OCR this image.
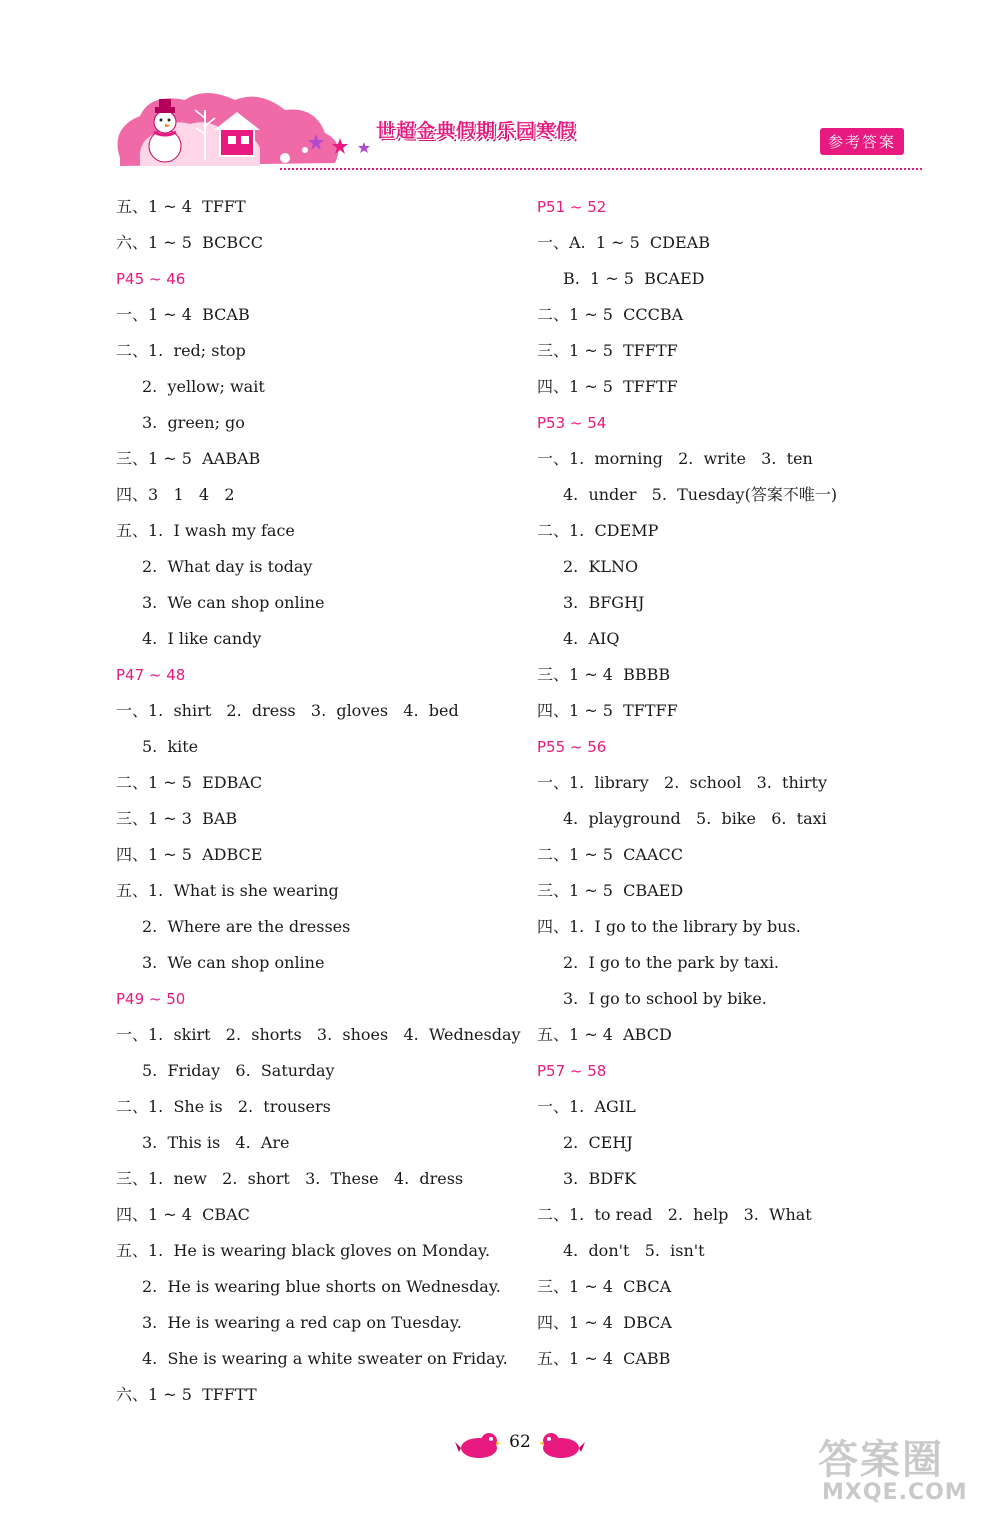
世超金典假期乐园寒假	参考答案
五、1 ~ 4  TFFT
六、1 ~ 5  BCBCC
P45 ~ 46
一、1 ~ 4  BCAB
二、1.  red; stop
2.  yellow; wait
3.  green; go
三、1 ~ 5  AABAB
四、3   1   4   2
五、1.  I wash my face
2.  What day is today
3.  We can shop online
4.  I like candy
P47 ~ 48
一、1.  shirt   2.  dress   3.  gloves   4.  bed
5.  kite
二、1 ~ 5  EDBAC
三、1 ~ 3  BAB
四、1 ~ 5  ADBCE
五、1.  What is she wearing
2.  Where are the dresses
3.  We can shop online
P49 ~ 50
一、1.  skirt   2.  shorts   3.  shoes   4.  Wednesday
5.  Friday   6.  Saturday
二、1.  She is   2.  trousers
3.  This is   4.  Are
三、1.  new   2.  short   3.  These   4.  dress
四、1 ~ 4  CBAC
五、1.  He is wearing black gloves on Monday.
2.  He is wearing blue shorts on Wednesday.
3.  He is wearing a red cap on Tuesday.
4.  She is wearing a white sweater on Friday.
六、1 ~ 5  TFFTT
P51 ~ 52
一、A.  1 ~ 5  CDEAB
B.  1 ~ 5  BCAED
二、1 ~ 5  CCCBA
三、1 ~ 5  TFFTF
四、1 ~ 5  TFFTF
P53 ~ 54
一、1.  morning   2.  write   3.  ten
4.  under   5.  Tuesday(答案不唯一)
二、1.  CDEMP
2.  KLNO
3.  BFGHJ
4.  AIQ
三、1 ~ 4  BBBB
四、1 ~ 5  TFTFF
P55 ~ 56
一、1.  library   2.  school   3.  thirty
4.  playground   5.  bike   6.  taxi
二、1 ~ 5  CAACC
三、1 ~ 5  CBAED
四、1.  I go to the library by bus.
2.  I go to the park by taxi.
3.  I go to school by bike.
五、1 ~ 4  ABCD
P57 ~ 58
一、1.  AGIL
2.  CEHJ
3.  BDFK
二、1.  to read   2.  help   3.  What
4.  don't   5.  isn't
三、1 ~ 4  CBCA
四、1 ~ 4  DBCA
五、1 ~ 4  CABB
62	答案圈
MXQE.COM
